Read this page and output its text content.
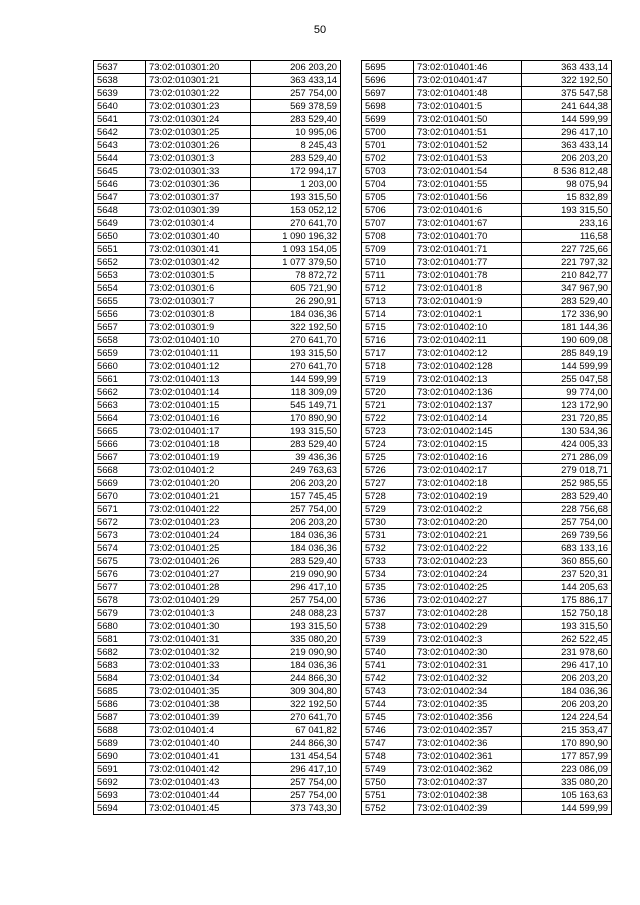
50
5637	73:02:010301:20	206 203,20
5638	73:02:010301:21	363 433,14
5639	73:02:010301:22	257 754,00
5640	73:02:010301:23	569 378,59
5641	73:02:010301:24	283 529,40
5642	73:02:010301:25	10 995,06
5643	73:02:010301:26	8 245,43
5644	73:02:010301:3	283 529,40
5645	73:02:010301:33	172 994,17
5646	73:02:010301:36	1 203,00
5647	73:02:010301:37	193 315,50
5648	73:02:010301:39	153 052,12
5649	73:02:010301:4	270 641,70
5650	73:02:010301:40	1 090 196,32
5651	73:02:010301:41	1 093 154,05
5652	73:02:010301:42	1 077 379,50
5653	73:02:010301:5	78 872,72
5654	73:02:010301:6	605 721,90
5655	73:02:010301:7	26 290,91
5656	73:02:010301:8	184 036,36
5657	73:02:010301:9	322 192,50
5658	73:02:010401:10	270 641,70
5659	73:02:010401:11	193 315,50
5660	73:02:010401:12	270 641,70
5661	73:02:010401:13	144 599,99
5662	73:02:010401:14	118 309,09
5663	73:02:010401:15	545 149,71
5664	73:02:010401:16	170 890,90
5665	73:02:010401:17	193 315,50
5666	73:02:010401:18	283 529,40
5667	73:02:010401:19	39 436,36
5668	73:02:010401:2	249 763,63
5669	73:02:010401:20	206 203,20
5670	73:02:010401:21	157 745,45
5671	73:02:010401:22	257 754,00
5672	73:02:010401:23	206 203,20
5673	73:02:010401:24	184 036,36
5674	73:02:010401:25	184 036,36
5675	73:02:010401:26	283 529,40
5676	73:02:010401:27	219 090,90
5677	73:02:010401:28	296 417,10
5678	73:02:010401:29	257 754,00
5679	73:02:010401:3	248 088,23
5680	73:02:010401:30	193 315,50
5681	73:02:010401:31	335 080,20
5682	73:02:010401:32	219 090,90
5683	73:02:010401:33	184 036,36
5684	73:02:010401:34	244 866,30
5685	73:02:010401:35	309 304,80
5686	73:02:010401:38	322 192,50
5687	73:02:010401:39	270 641,70
5688	73:02:010401:4	67 041,82
5689	73:02:010401:40	244 866,30
5690	73:02:010401:41	131 454,54
5691	73:02:010401:42	296 417,10
5692	73:02:010401:43	257 754,00
5693	73:02:010401:44	257 754,00
5694	73:02:010401:45	373 743,30
5695	73:02:010401:46	363 433,14
5696	73:02:010401:47	322 192,50
5697	73:02:010401:48	375 547,58
5698	73:02:010401:5	241 644,38
5699	73:02:010401:50	144 599,99
5700	73:02:010401:51	296 417,10
5701	73:02:010401:52	363 433,14
5702	73:02:010401:53	206 203,20
5703	73:02:010401:54	8 536 812,48
5704	73:02:010401:55	98 075,94
5705	73:02:010401:56	15 832,89
5706	73:02:010401:6	193 315,50
5707	73:02:010401:67	233,16
5708	73:02:010401:70	116,58
5709	73:02:010401:71	227 725,66
5710	73:02:010401:77	221 797,32
5711	73:02:010401:78	210 842,77
5712	73:02:010401:8	347 967,90
5713	73:02:010401:9	283 529,40
5714	73:02:010402:1	172 336,90
5715	73:02:010402:10	181 144,36
5716	73:02:010402:11	190 609,08
5717	73:02:010402:12	285 849,19
5718	73:02:010402:128	144 599,99
5719	73:02:010402:13	255 047,58
5720	73:02:010402:136	99 774,00
5721	73:02:010402:137	123 172,90
5722	73:02:010402:14	231 720,85
5723	73:02:010402:145	130 534,36
5724	73:02:010402:15	424 005,33
5725	73:02:010402:16	271 286,09
5726	73:02:010402:17	279 018,71
5727	73:02:010402:18	252 985,55
5728	73:02:010402:19	283 529,40
5729	73:02:010402:2	228 756,68
5730	73:02:010402:20	257 754,00
5731	73:02:010402:21	269 739,56
5732	73:02:010402:22	683 133,16
5733	73:02:010402:23	360 855,60
5734	73:02:010402:24	237 520,31
5735	73:02:010402:25	144 205,63
5736	73:02:010402:27	175 886,17
5737	73:02:010402:28	152 750,18
5738	73:02:010402:29	193 315,50
5739	73:02:010402:3	262 522,45
5740	73:02:010402:30	231 978,60
5741	73:02:010402:31	296 417,10
5742	73:02:010402:32	206 203,20
5743	73:02:010402:34	184 036,36
5744	73:02:010402:35	206 203,20
5745	73:02:010402:356	124 224,54
5746	73:02:010402:357	215 353,47
5747	73:02:010402:36	170 890,90
5748	73:02:010402:361	177 857,99
5749	73:02:010402:362	223 086,09
5750	73:02:010402:37	335 080,20
5751	73:02:010402:38	105 163,63
5752	73:02:010402:39	144 599,99
